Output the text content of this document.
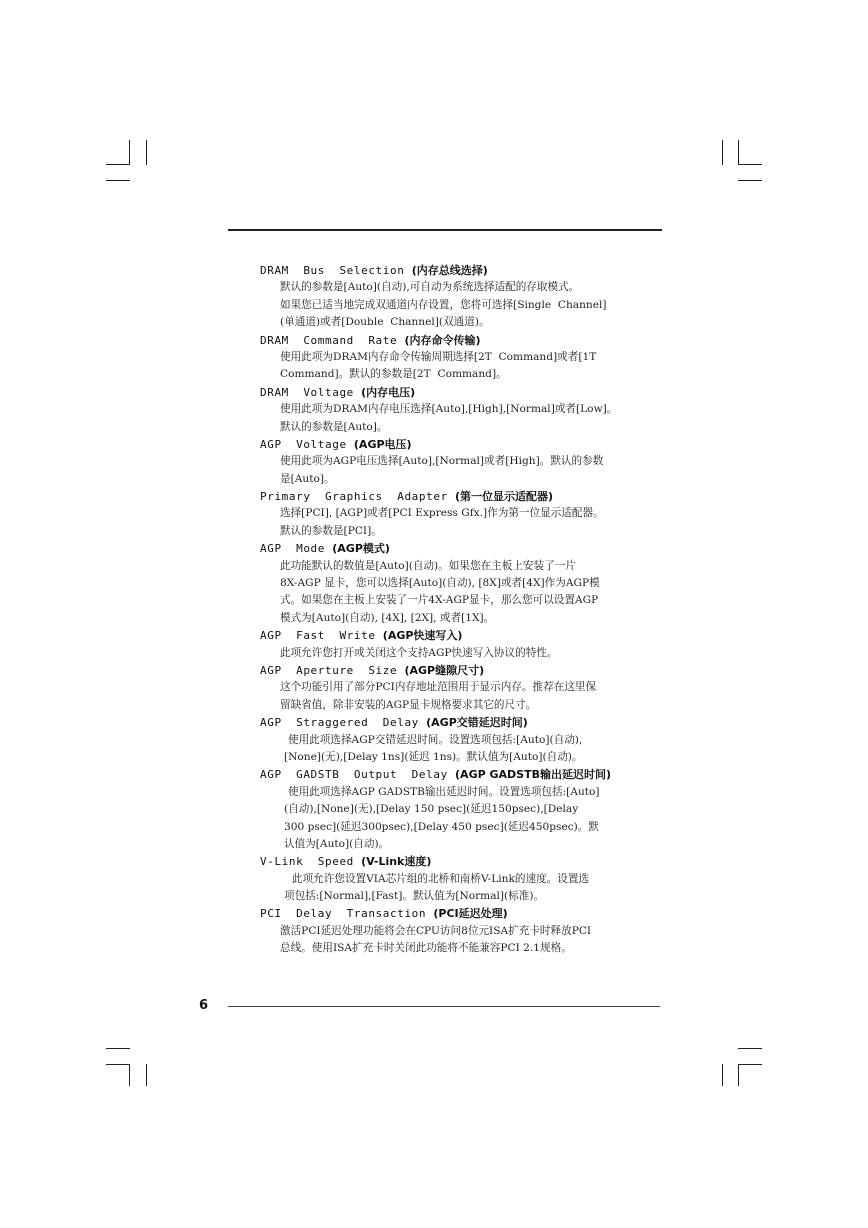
DRAM  Bus  Selection (内存总线选择)
默认的参数是[Auto](自动),可自动为系统选择适配的存取模式。
如果您已适当地完成双通道内存设置，您将可选择[Single  Channel]
(单通道)或者[Double  Channel](双通道)。
DRAM  Command  Rate (内存命令传输)
使用此项为DRAM内存命令传输周期选择[2T  Command]或者[1T
Command]。默认的参数是[2T  Command]。
DRAM  Voltage (内存电压)
使用此项为DRAM内存电压选择[Auto],[High],[Normal]或者[Low]。
默认的参数是[Auto]。
AGP  Voltage (AGP电压)
使用此项为AGP电压选择[Auto],[Normal]或者[High]。默认的参数
是[Auto]。
Primary  Graphics  Adapter (第一位显示适配器)
选择[PCI], [AGP]或者[PCI Express Gfx.]作为第一位显示适配器。
默认的参数是[PCI]。
AGP  Mode (AGP模式)
此功能默认的数值是[Auto](自动)。如果您在主板上安装了一片
8X-AGP 显卡，您可以选择[Auto](自动), [8X]或者[4X]作为AGP模
式。如果您在主板上安装了一片4X-AGP显卡，那么您可以设置AGP
模式为[Auto](自动), [4X], [2X], 或者[1X]。
AGP  Fast  Write (AGP快速写入)
此项允许您打开或关闭这个支持AGP快速写入协议的特性。
AGP  Aperture  Size (AGP缝隙尺寸)
这个功能引用了部分PCI内存地址范围用于显示内存。推荐在这里保
留缺省值，除非安装的AGP显卡规格要求其它的尺寸。
AGP  Straggered  Delay (AGP交错延迟时间)
使用此项选择AGP交错延迟时间。设置选项包括:[Auto](自动),
[None](无),[Delay 1ns](延迟 1ns)。默认值为[Auto](自动)。
AGP  GADSTB  Output  Delay (AGP GADSTB输出延迟时间)
使用此项选择AGP GADSTB输出延迟时间。设置选项包括:[Auto]
(自动),[None](无),[Delay 150 psec](延迟150psec),[Delay
300 psec](延迟300psec),[Delay 450 psec](延迟450psec)。默
认值为[Auto](自动)。
V-Link  Speed (V-Link速度)
此项允许您设置VIA芯片组的北桥和南桥V-Link的速度。设置选
项包括:[Normal],[Fast]。默认值为[Normal](标准)。
PCI  Delay  Transaction (PCI延迟处理)
激活PCI延迟处理功能将会在CPU访问8位元ISA扩充卡时释放PCI
总线。使用ISA扩充卡时关闭此功能将不能兼容PCI 2.1规格。
6
